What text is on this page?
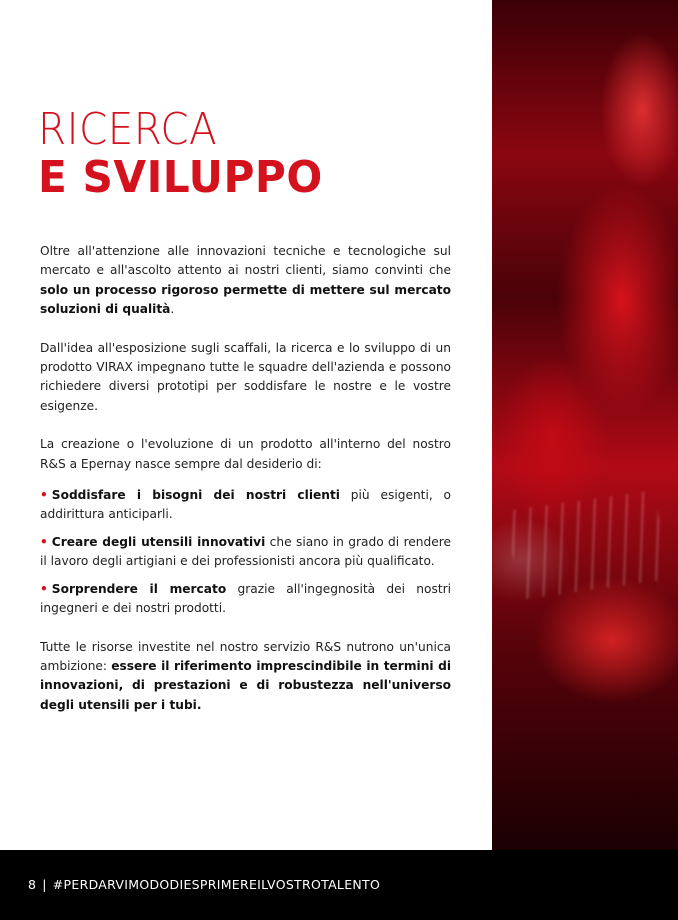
RICERCA
E SVILUPPO

Oltre all'attenzione alle innovazioni tecniche e tecnologiche sul mercato e all'ascolto attento ai nostri clienti, siamo convinti che solo un processo rigoroso permette di mettere sul mercato soluzioni di qualità.

Dall'idea all'esposizione sugli scaffali, la ricerca e lo sviluppo di un prodotto VIRAX impegnano tutte le squadre dell'azienda e possono richiedere diversi prototipi per soddisfare le nostre e le vostre esigenze.

La creazione o l'evoluzione di un prodotto all'interno del nostro R&S a Epernay nasce sempre dal desiderio di:

• Soddisfare i bisogni dei nostri clienti più esigenti, o addirittura anticiparli.

• Creare degli utensili innovativi che siano in grado di rendere il lavoro degli artigiani e dei professionisti ancora più qualificato.

• Sorprendere il mercato grazie all'ingegnosità dei nostri ingegneri e dei nostri prodotti.

Tutte le risorse investite nel nostro servizio R&S nutrono un'unica ambizione: essere il riferimento imprescindibile in termini di innovazioni, di prestazioni e di robustezza nell'universo degli utensili per i tubi.

8 | #PERDARVIMODODIESPRIMEREILVOSTROTALENTO
